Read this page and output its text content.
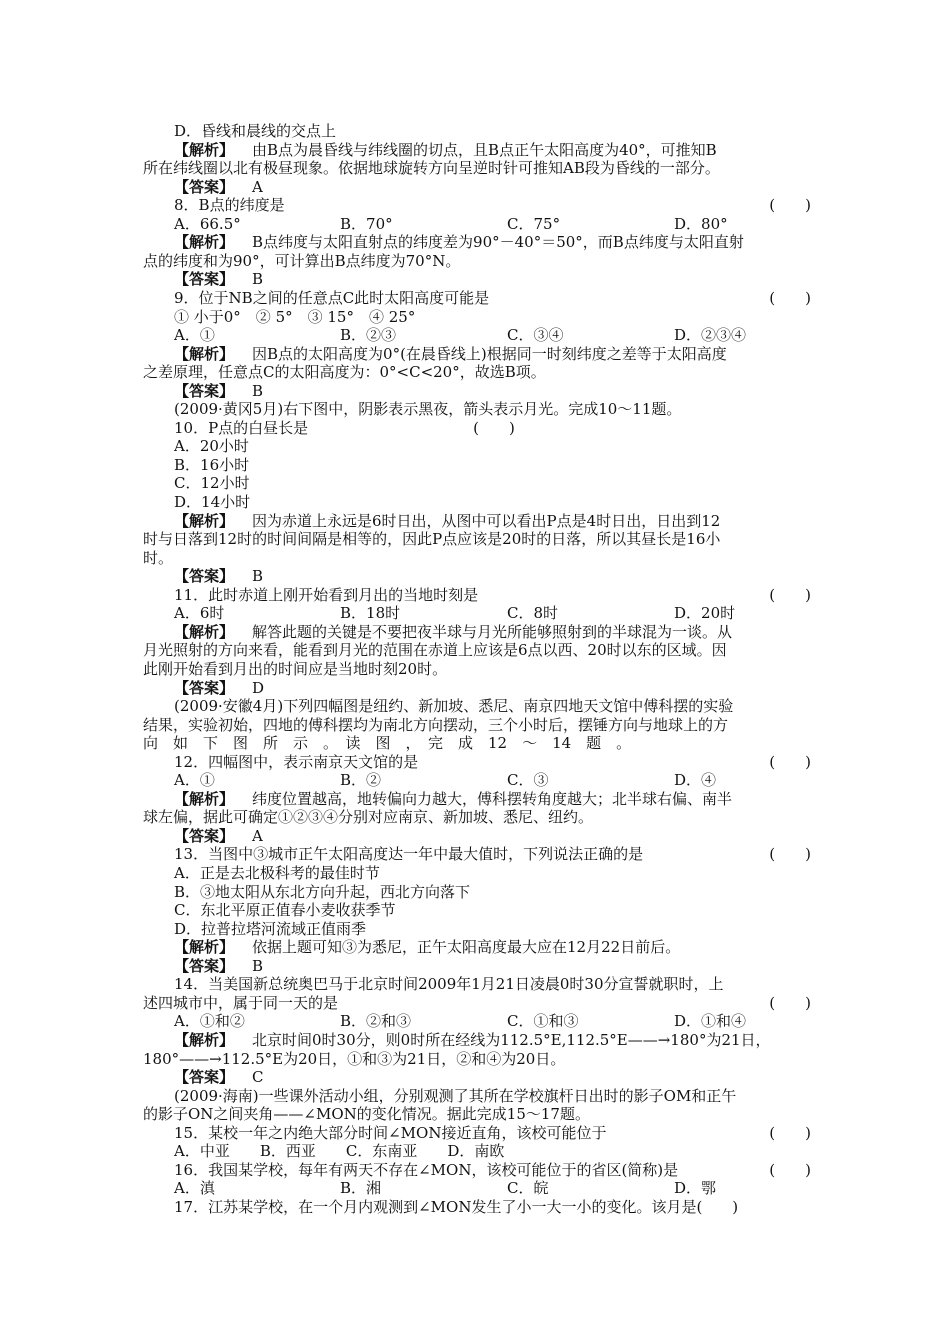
D．昏线和晨线的交点上
【解析】 由B点为晨昏线与纬线圈的切点，且B点正午太阳高度为40°，可推知B
所在纬线圈以北有极昼现象。依据地球旋转方向呈逆时针可推知AB段为昏线的一部分。
【答案】 A
8．B点的纬度是	(　　)
A．66.5°	B．70°	C．75°	D．80°
【解析】 B点纬度与太阳直射点的纬度差为90°－40°＝50°，而B点纬度与太阳直射
点的纬度和为90°，可计算出B点纬度为70°N。
【答案】 B
9．位于NB之间的任意点C此时太阳高度可能是	(　　)
① 小于0°　② 5°　③ 15°　④ 25°
A．①	B．②③	C．③④	D．②③④
【解析】 因B点的太阳高度为0°(在晨昏线上)根据同一时刻纬度之差等于太阳高度
之差原理，任意点C的太阳高度为：0°<C<20°，故选B项。
【答案】 B
(2009·黄冈5月)右下图中，阴影表示黑夜，箭头表示月光。完成10～11题。
10．P点的白昼长是　　　　　　　　　　　(　　)
A．20小时
B．16小时
C．12小时
D．14小时
【解析】 因为赤道上永远是6时日出，从图中可以看出P点是4时日出，日出到12
时与日落到12时的时间间隔是相等的，因此P点应该是20时的日落，所以其昼长是16小
时。
【答案】 B
11．此时赤道上刚开始看到月出的当地时刻是	(　　)
A．6时	B．18时	C．8时	D．20时
【解析】 解答此题的关键是不要把夜半球与月光所能够照射到的半球混为一谈。从
月光照射的方向来看，能看到月光的范围在赤道上应该是6点以西、20时以东的区域。因
此刚开始看到月出的时间应是当地时刻20时。
【答案】 D
(2009·安徽4月)下列四幅图是纽约、新加坡、悉尼、南京四地天文馆中傅科摆的实验
结果，实验初始，四地的傅科摆均为南北方向摆动，三个小时后，摆锤方向与地球上的方
向　如　下　图　所　示　。　读　图　，　完　成　12　～　14　题　。
12．四幅图中，表示南京天文馆的是	(　　)
A．①	B．②	C．③	D．④
【解析】 纬度位置越高，地转偏向力越大，傅科摆转角度越大；北半球右偏、南半
球左偏，据此可确定①②③④分别对应南京、新加坡、悉尼、纽约。
【答案】 A
13．当图中③城市正午太阳高度达一年中最大值时，下列说法正确的是	(　　)
A．正是去北极科考的最佳时节
B．③地太阳从东北方向升起，西北方向落下
C．东北平原正值春小麦收获季节
D．拉普拉塔河流域正值雨季
【解析】 依据上题可知③为悉尼，正午太阳高度最大应在12月22日前后。
【答案】 B
14．当美国新总统奥巴马于北京时间2009年1月21日凌晨0时30分宣誓就职时，上
述四城市中，属于同一天的是	(　　)
A．①和②	B．②和③	C．①和③	D．①和④
【解析】 北京时间0时30分，则0时所在经线为112.5°E,112.5°E——→180°为21日，
180°——→112.5°E为20日，①和③为21日，②和④为20日。
【答案】 C
(2009·海南)一些课外活动小组，分别观测了其所在学校旗杆日出时的影子OM和正午
的影子ON之间夹角——∠MON的变化情况。据此完成15～17题。
15．某校一年之内绝大部分时间∠MON接近直角，该校可能位于	(　　)
A．中亚　　B．西亚　　C．东南亚　　D．南欧
16．我国某学校，每年有两天不存在∠MON，该校可能位于的省区(简称)是	(　　)
A．滇	B．湘	C．皖	D．鄂
17．江苏某学校，在一个月内观测到∠MON发生了小一大一小的变化。该月是(　　)
